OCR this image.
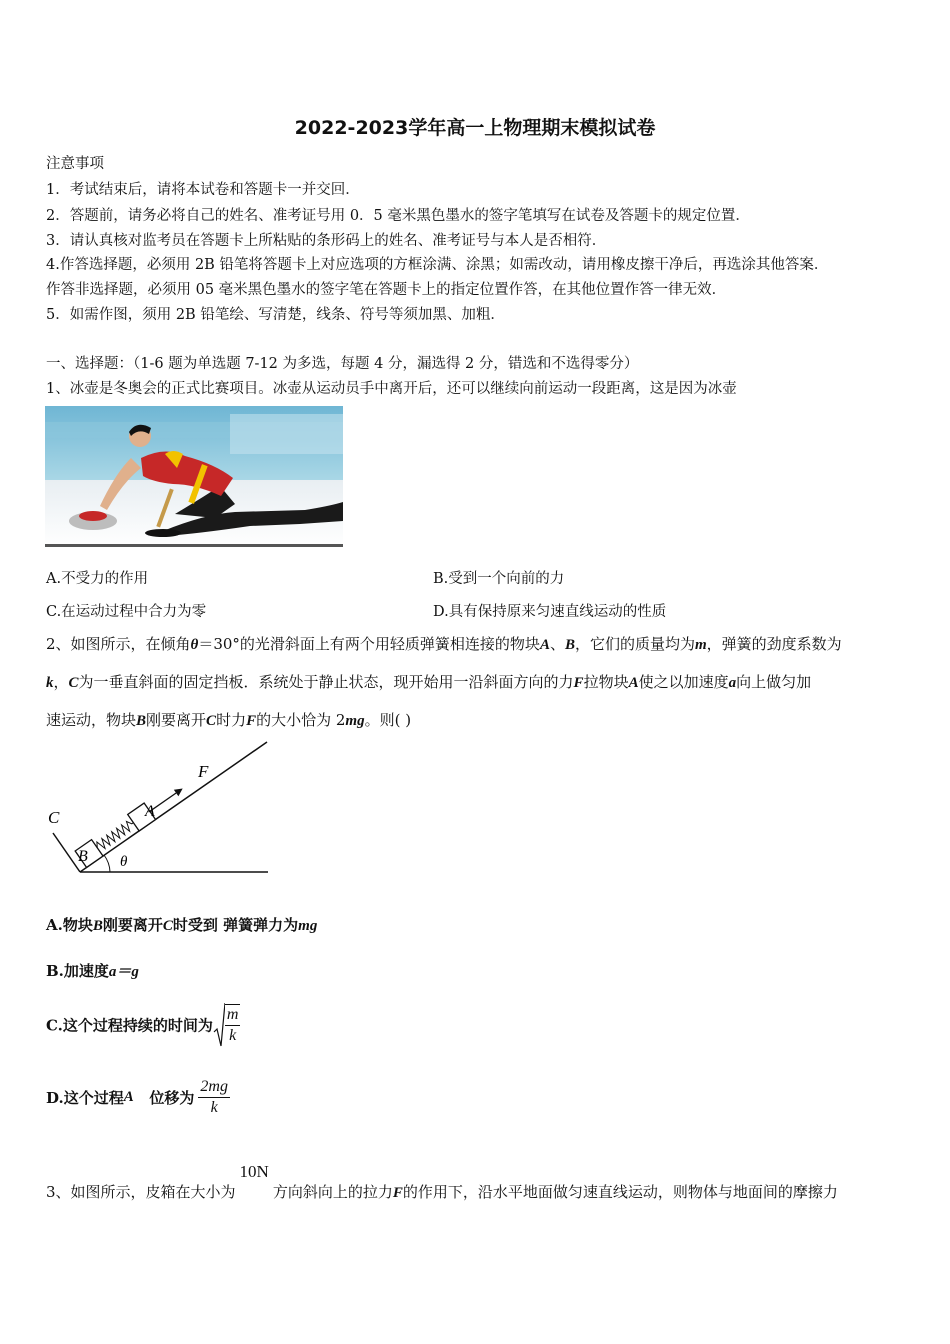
2022-2023学年高一上物理期末模拟试卷
注意事项
1．考试结束后，请将本试卷和答题卡一并交回．
2．答题前，请务必将自己的姓名、准考证号用 0．5 毫米黑色墨水的签字笔填写在试卷及答题卡的规定位置．
3．请认真核对监考员在答题卡上所粘贴的条形码上的姓名、准考证号与本人是否相符．
4.作答选择题，必须用 2B 铅笔将答题卡上对应选项的方框涂满、涂黑；如需改动，请用橡皮擦干净后，再选涂其他答案．
作答非选择题，必须用 05 毫米黑色墨水的签字笔在答题卡上的指定位置作答，在其他位置作答一律无效．
5．如需作图，须用 2B 铅笔绘、写清楚，线条、符号等须加黑、加粗．
一、选择题：（1-6 题为单选题 7-12 为多选，每题 4 分，漏选得 2 分，错选和不选得零分）
1、冰壶是冬奥会的正式比赛项目。冰壶从运动员手中离开后，还可以继续向前运动一段距离，这是因为冰壶
A.不受力的作用	B.受到一个向前的力
C.在运动过程中合力为零	D.具有保持原来匀速直线运动的性质
2、如图所示，在倾角θ＝30°的光滑斜面上有两个用轻质弹簧相连接的物块A、B，它们的质量均为m，弹簧的劲度系数为
k，C为一垂直斜面的固定挡板．系统处于静止状态，现开始用一沿斜面方向的力F拉物块A使之以加速度a向上做匀加
速运动，物块B刚要离开C时力F的大小恰为 2mg。则( )
C
B
A
F
θ
A.物块B刚要离开C时受到 弹簧弹力为mg
B.加速度a＝g
C.这个过程持续的时间为 $\frac{m}{k}$
D.这个过程A   位移为 $\frac{2mg}{k}$
3、如图所示，皮箱在大小为10N方向斜向上的拉力F的作用下，沿水平地面做匀速直线运动，则物体与地面间的摩擦力
